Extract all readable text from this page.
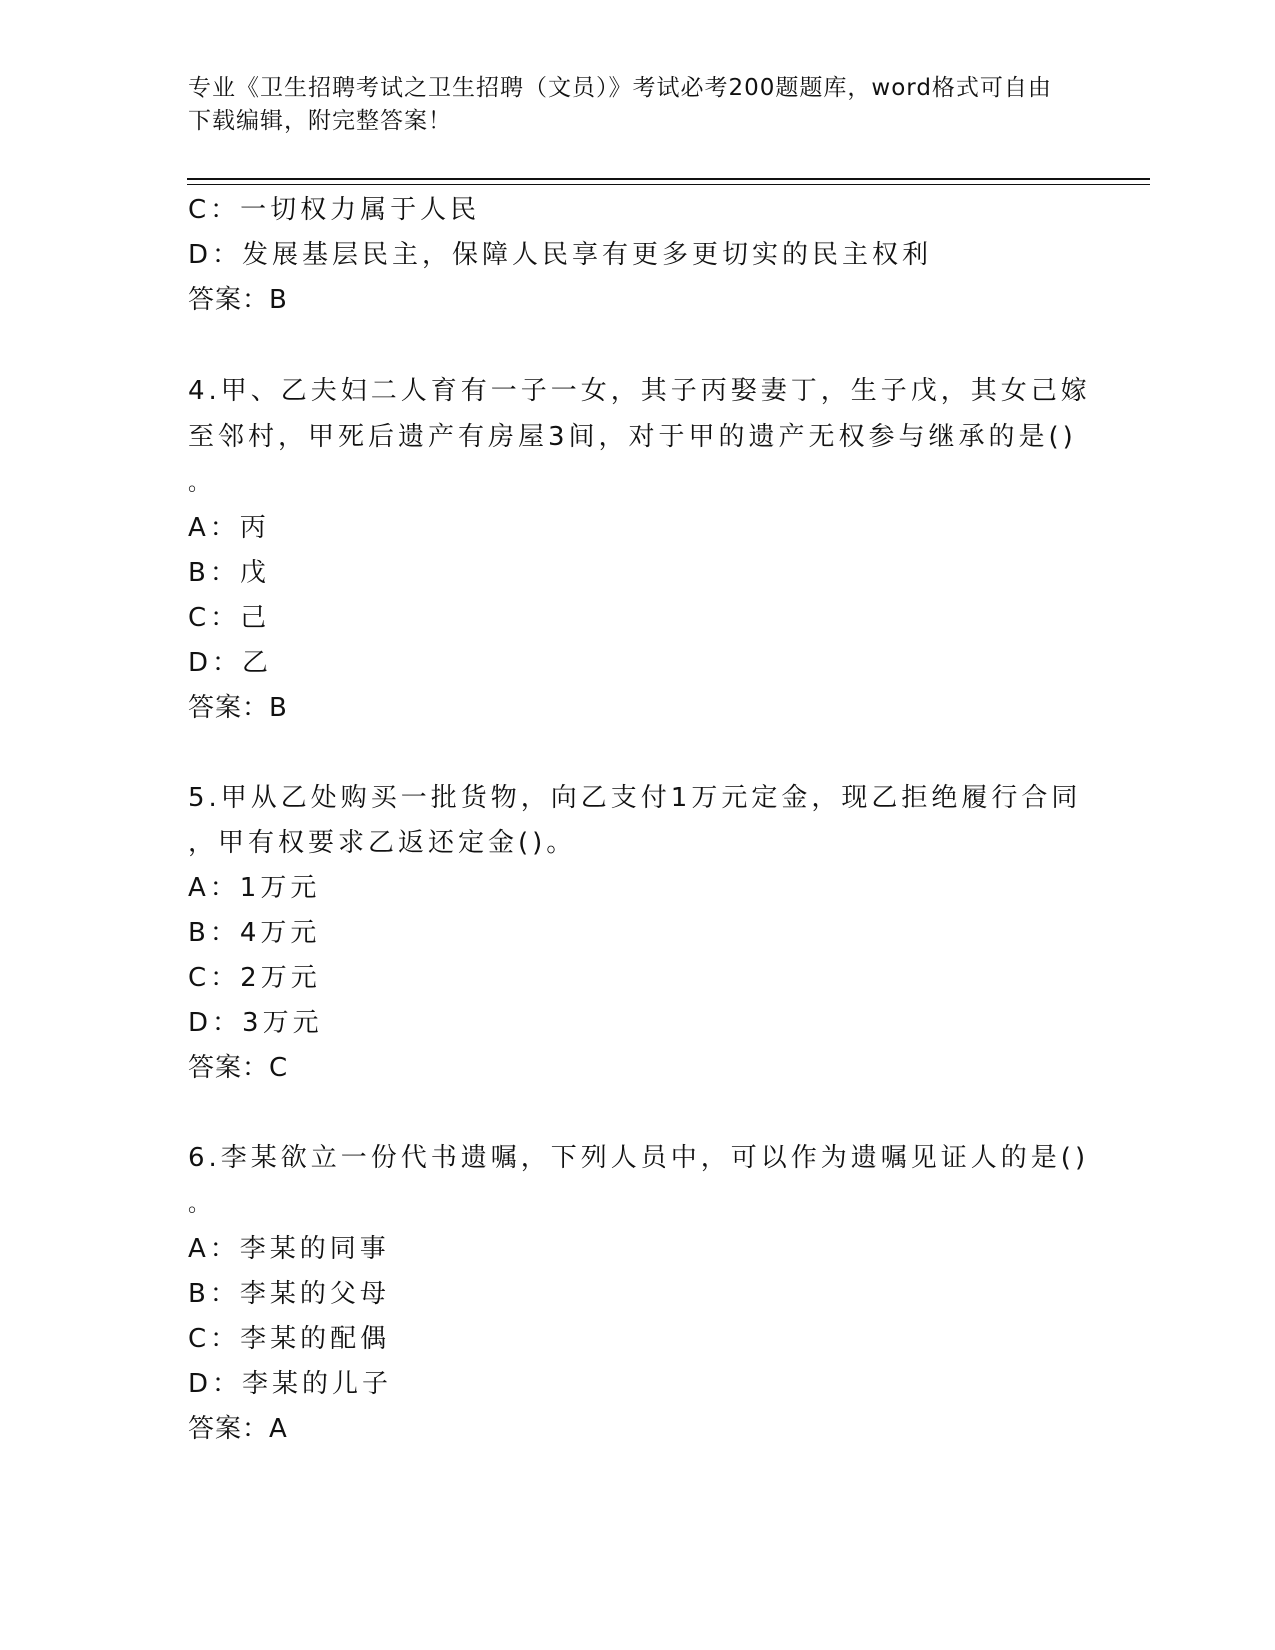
专业《卫生招聘考试之卫生招聘（文员）》考试必考200题题库，word格式可自由下载编辑，附完整答案！
C：一切权力属于人民
D：发展基层民主，保障人民享有更多更切实的民主权利
答案：B
4.甲、乙夫妇二人育有一子一女，其子丙娶妻丁，生子戊，其女己嫁
至邻村，甲死后遗产有房屋3间，对于甲的遗产无权参与继承的是()
。
A：丙
B：戊
C：己
D：乙
答案：B
5.甲从乙处购买一批货物，向乙支付1万元定金，现乙拒绝履行合同
，甲有权要求乙返还定金()。
A：1万元
B：4万元
C：2万元
D：3万元
答案：C
6.李某欲立一份代书遗嘱，下列人员中，可以作为遗嘱见证人的是()
。
A：李某的同事
B：李某的父母
C：李某的配偶
D：李某的儿子
答案：A
